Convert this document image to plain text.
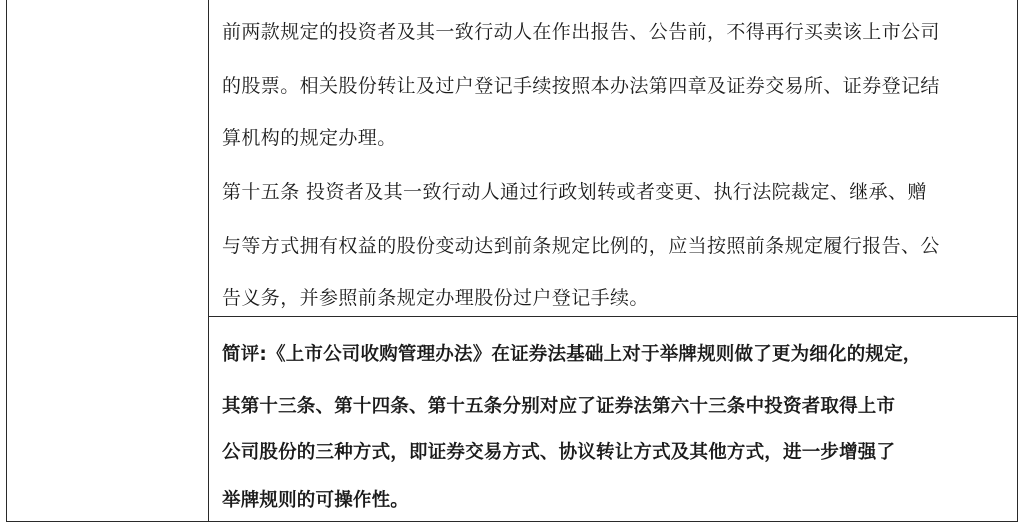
前两款规定的投资者及其一致行动人在作出报告、公告前，不得再行买卖该上市公司
的股票。相关股份转让及过户登记手续按照本办法第四章及证券交易所、证券登记结
算机构的规定办理。
第十五条 投资者及其一致行动人通过行政划转或者变更、执行法院裁定、继承、赠
与等方式拥有权益的股份变动达到前条规定比例的，应当按照前条规定履行报告、公
告义务，并参照前条规定办理股份过户登记手续。
简评:《上市公司收购管理办法》在证券法基础上对于举牌规则做了更为细化的规定，
其第十三条、第十四条、第十五条分别对应了证券法第六十三条中投资者取得上市
公司股份的三种方式，即证券交易方式、协议转让方式及其他方式，进一步增强了
举牌规则的可操作性。
